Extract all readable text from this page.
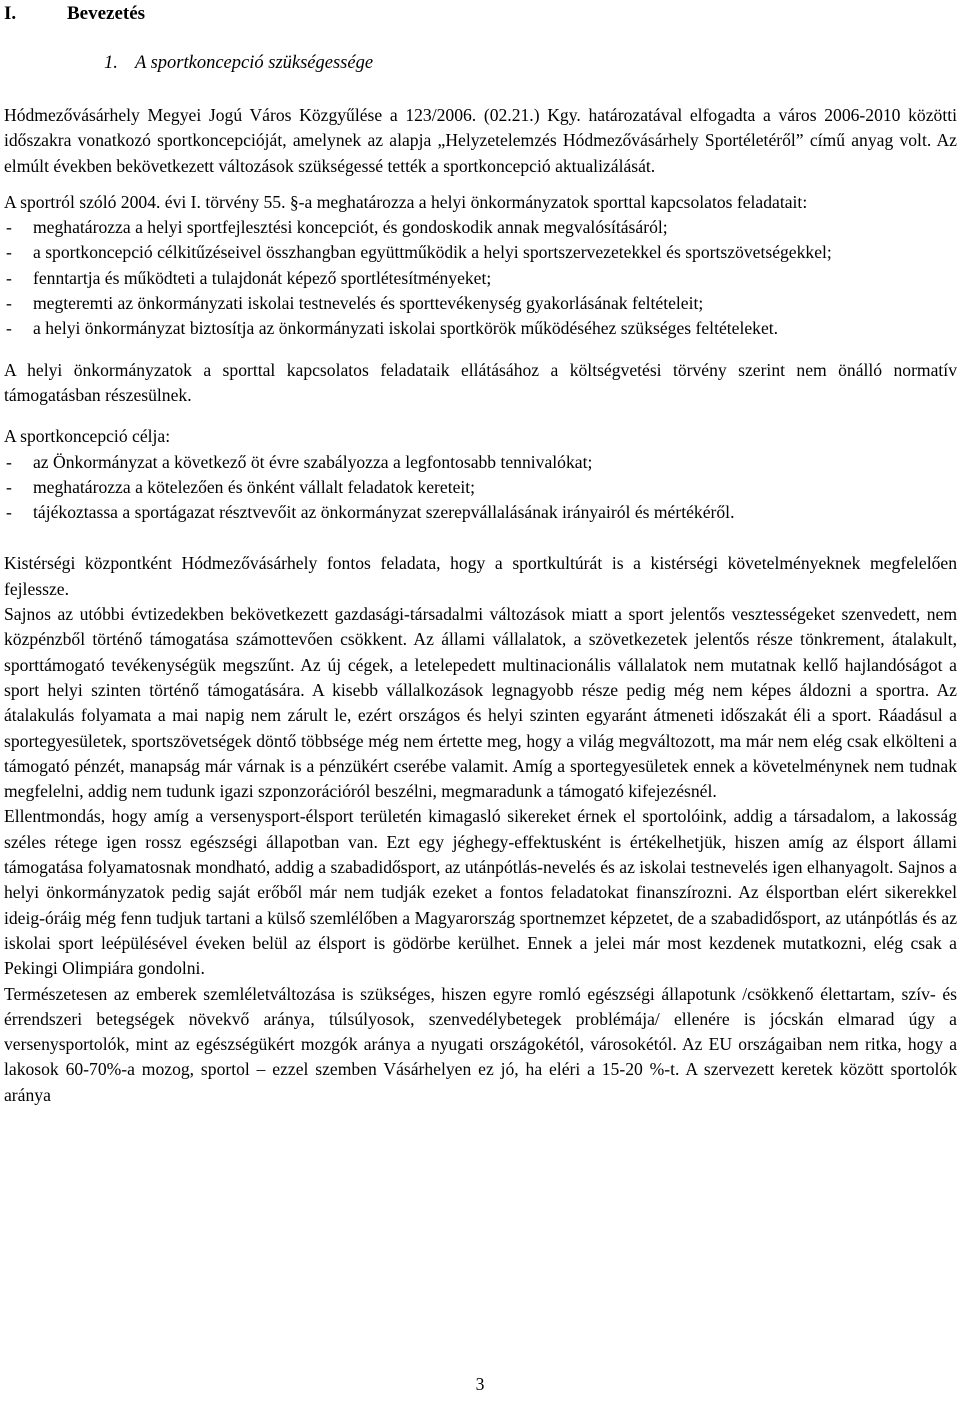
I.	Bevezetés
1. A sportkoncepció szükségessége

Hódmezővásárhely Megyei Jogú Város Közgyűlése a 123/2006. (02.21.) Kgy. határozatával elfogadta a város 2006-2010 közötti időszakra vonatkozó sportkoncepcióját, amelynek az alapja „Helyzetelemzés Hódmezővásárhely Sportéletéről” című anyag volt. Az elmúlt években bekövetkezett változások szükségessé tették a sportkoncepció aktualizálását.

A sportról szóló 2004. évi I. törvény 55. §-a meghatározza a helyi önkormányzatok sporttal kapcsolatos feladatait:

- meghatározza a helyi sportfejlesztési koncepciót, és gondoskodik annak megvalósításáról;
- a sportkoncepció célkitűzéseivel összhangban együttműködik a helyi sportszervezetekkel és sportszövetségekkel;
- fenntartja és működteti a tulajdonát képező sportlétesítményeket;
- megteremti az önkormányzati iskolai testnevelés és sporttevékenység gyakorlásának feltételeit;
- a helyi önkormányzat biztosítja az önkormányzati iskolai sportkörök működéséhez szükséges feltételeket.

A helyi önkormányzatok a sporttal kapcsolatos feladataik ellátásához a költségvetési törvény szerint nem önálló normatív támogatásban részesülnek.

A sportkoncepció célja:

- az Önkormányzat a következő öt évre szabályozza a legfontosabb tennivalókat;
- meghatározza a kötelezően és önként vállalt feladatok kereteit;
- tájékoztassa a sportágazat résztvevőit az önkormányzat szerepvállalásának irányairól és mértékéről.

Kistérségi központként Hódmezővásárhely fontos feladata, hogy a sportkultúrát is a kistérségi követelményeknek megfelelően fejlessze.

Sajnos az utóbbi évtizedekben bekövetkezett gazdasági-társadalmi változások miatt a sport jelentős vesztességeket szenvedett, nem közpénzből történő támogatása számottevően csökkent. Az állami vállalatok, a szövetkezetek jelentős része tönkrement, átalakult, sporttámogató tevékenységük megszűnt. Az új cégek, a letelepedett multinacionális vállalatok nem mutatnak kellő hajlandóságot a sport helyi szinten történő támogatására. A kisebb vállalkozások legnagyobb része pedig még nem képes áldozni a sportra. Az átalakulás folyamata a mai napig nem zárult le, ezért országos és helyi szinten egyaránt átmeneti időszakát éli a sport. Ráadásul a sportegyesületek, sportszövetségek döntő többsége még nem értette meg, hogy a világ megváltozott, ma már nem elég csak elkölteni a támogató pénzét, manapság már várnak is a pénzükért cserébe valamit. Amíg a sportegyesületek ennek a követelménynek nem tudnak megfelelni, addig nem tudunk igazi szponzorációról beszélni, megmaradunk a támogató kifejezésnél.

Ellentmondás, hogy amíg a versenysport-élsport területén kimagasló sikereket érnek el sportolóink, addig a társadalom, a lakosság széles rétege igen rossz egészségi állapotban van. Ezt egy jéghegy-effektusként is értékelhetjük, hiszen amíg az élsport állami támogatása folyamatosnak mondható, addig a szabadidősport, az utánpótlás-nevelés és az iskolai testnevelés igen elhanyagolt. Sajnos a helyi önkormányzatok pedig saját erőből már nem tudják ezeket a fontos feladatokat finanszírozni. Az élsportban elért sikerekkel ideig-óráig még fenn tudjuk tartani a külső szemlélőben a Magyarország sportnemzet képzetet, de a szabadidősport, az utánpótlás és az iskolai sport leépülésével éveken belül az élsport is gödörbe kerülhet. Ennek a jelei már most kezdenek mutatkozni, elég csak a Pekingi Olimpiára gondolni.

Természetesen az emberek szemléletváltozása is szükséges, hiszen egyre romló egészségi állapotunk /csökkenő élettartam, szív- és érrendszeri betegségek növekvő aránya, túlsúlyosok, szenvedélybetegek problémája/ ellenére is jócskán elmarad úgy a versenysportolók, mint az egészségükért mozgók aránya a nyugati országokétól, városokétól. Az EU országaiban nem ritka, hogy a lakosok 60-70%-a mozog, sportol – ezzel szemben Vásárhelyen ez jó, ha eléri a 15-20 %-t. A szervezett keretek között sportolók aránya

3
